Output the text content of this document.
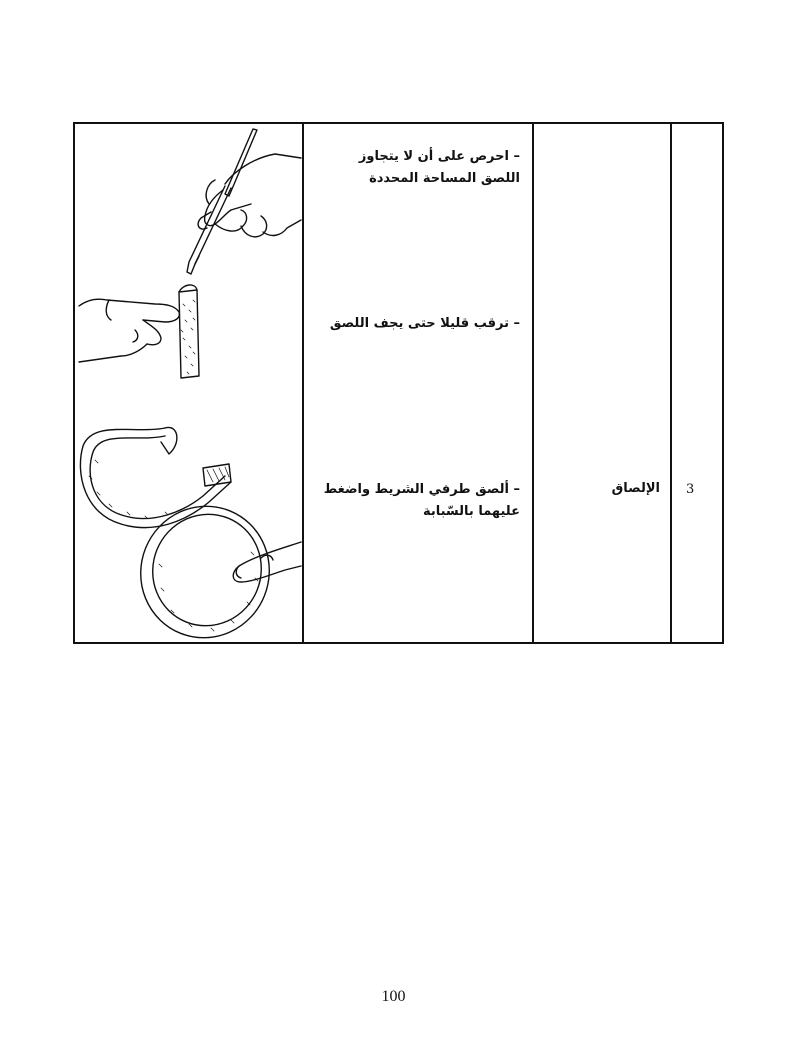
– احرص على أن لا يتجاوز اللصق المساحة المحددة
– ترقب قليلا حتى يجف اللصق
– ألصق طرفي الشريط واضغط عليهما بالسّبابة

الإلصاق	3
100
